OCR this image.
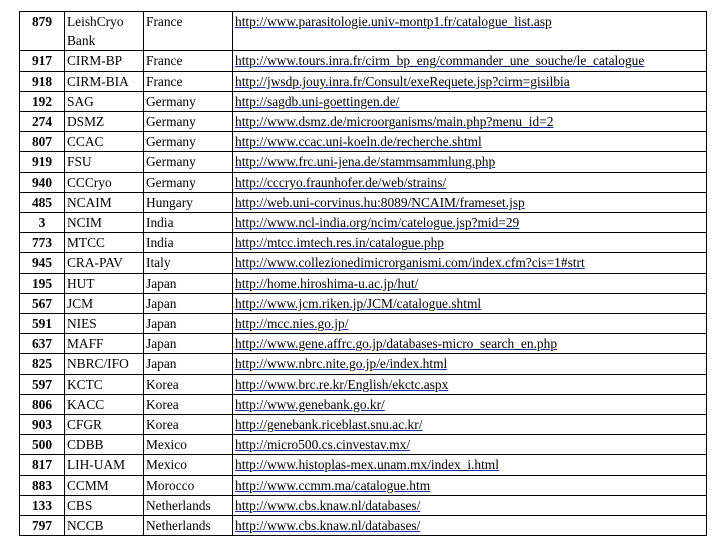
879	LeishCryo Bank	France	http://www.parasitologie.univ-montp1.fr/catalogue_list.asp
917	CIRM-BP	France	http://www.tours.inra.fr/cirm_bp_eng/commander_une_souche/le_catalogue
918	CIRM-BIA	France	http://jwsdp.jouy.inra.fr/Consult/exeRequete.jsp?cirm=gisilbia
192	SAG	Germany	http://sagdb.uni-goettingen.de/
274	DSMZ	Germany	http://www.dsmz.de/microorganisms/main.php?menu_id=2
807	CCAC	Germany	http://www.ccac.uni-koeln.de/recherche.shtml
919	FSU	Germany	http://www.frc.uni-jena.de/stammsammlung.php
940	CCCryo	Germany	http://cccryo.fraunhofer.de/web/strains/
485	NCAIM	Hungary	http://web.uni-corvinus.hu:8089/NCAIM/frameset.jsp
3	NCIM	India	http://www.ncl-india.org/ncim/catelogue.jsp?mid=29
773	MTCC	India	http://mtcc.imtech.res.in/catalogue.php
945	CRA-PAV	Italy	http://www.collezionedimicrorganismi.com/index.cfm?cis=1#strt
195	HUT	Japan	http://home.hiroshima-u.ac.jp/hut/
567	JCM	Japan	http://www.jcm.riken.jp/JCM/catalogue.shtml
591	NIES	Japan	http://mcc.nies.go.jp/
637	MAFF	Japan	http://www.gene.affrc.go.jp/databases-micro_search_en.php
825	NBRC/IFO	Japan	http://www.nbrc.nite.go.jp/e/index.html
597	KCTC	Korea	http://www.brc.re.kr/English/ekctc.aspx
806	KACC	Korea	http://www.genebank.go.kr/
903	CFGR	Korea	http://genebank.riceblast.snu.ac.kr/
500	CDBB	Mexico	http://micro500.cs.cinvestav.mx/
817	LIH-UAM	Mexico	http://www.histoplas-mex.unam.mx/index_i.html
883	CCMM	Morocco	http://www.ccmm.ma/catalogue.htm
133	CBS	Netherlands	http://www.cbs.knaw.nl/databases/
797	NCCB	Netherlands	http://www.cbs.knaw.nl/databases/
